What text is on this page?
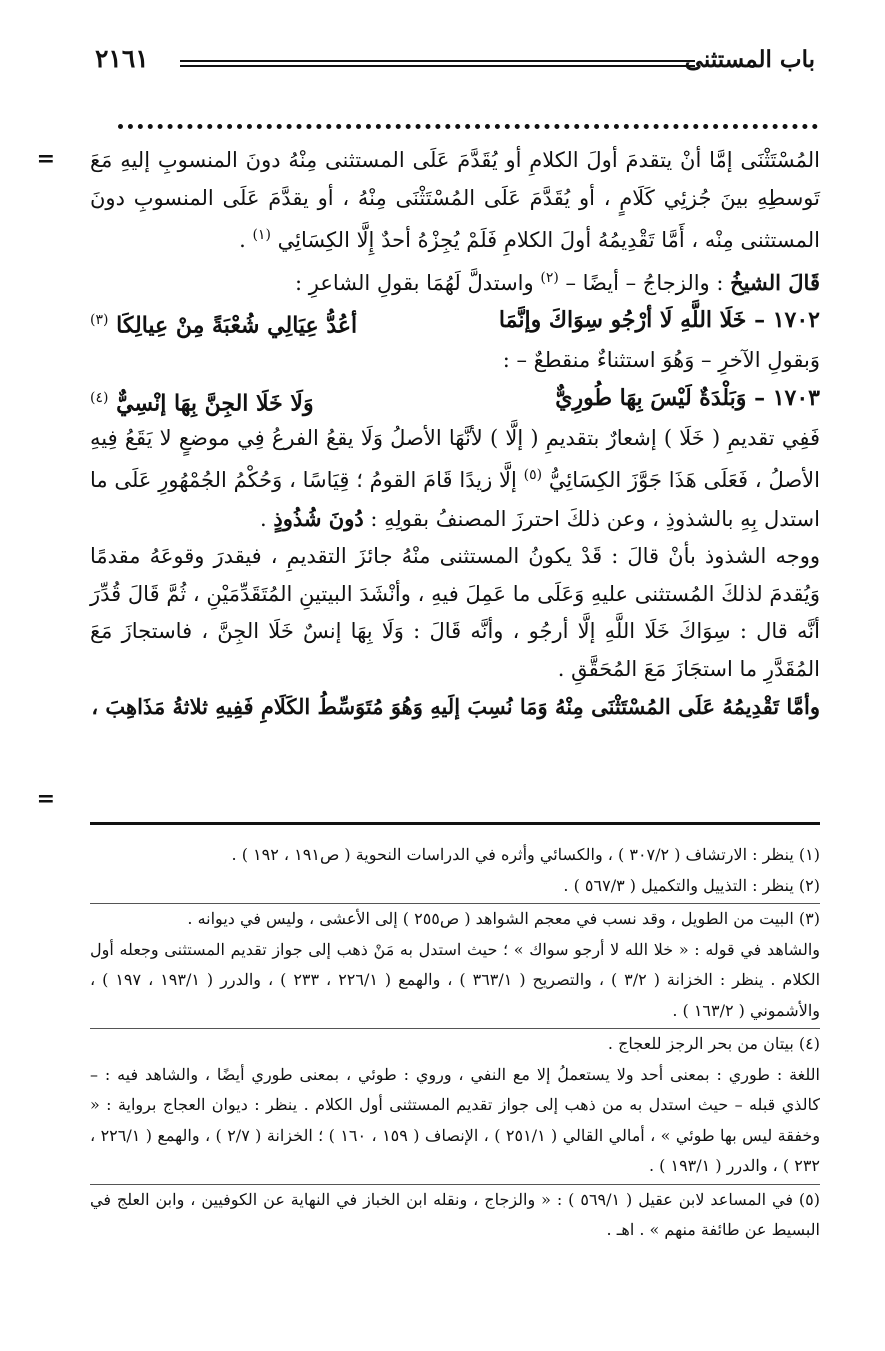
باب المستثنى
٢١٦١
=
=

المُسْتَثْنَى إمَّا أنْ يتقدمَ أولَ الكلامِ أو يُقَدَّمَ عَلَى المستثنى مِنْهُ دونَ المنسوبِ إليهِ مَعَ تَوسطِهِ بينَ جُزئِي كَلَامٍ ، أو يُقَدَّمَ عَلَى المُسْتَثْنَى مِنْهُ ، أو يقدَّمَ عَلَى المنسوبِ دونَ المستثنى مِنْه ، أَمَّا تَقْدِيمُهُ أولَ الكلامِ فَلَمْ يُجِزْهُ أحدٌ إِلَّا الكِسَائِي $^{(١)}$ .

قَالَ الشيخُ : والزجاجُ – أيضًا – $^{(٢)}$ واستدلَّ لَهُمَا بقولِ الشاعرِ :

١٧٠٢ – خَلَا اللَّهِ لَا أرْجُو سِوَاكَ وإنَّمَا
أعُدُّ عِيَالِي شُعْبَةً مِنْ عِيالِكَا $^{(٣)}$

وَبقولِ الآخرِ – وَهُوَ استثناءٌ منقطعٌ – :

١٧٠٣ – وَبَلْدَةٌ لَيْسَ بِهَا طُورِيٌّ
وَلَا خَلَا الجِنَّ بِهَا إنْسِيٌّ $^{(٤)}$

فَفِي تقديمِ ( خَلَا ) إشعارٌ بتقديمِ ( إلَّا ) لأنَّهَا الأصلُ وَلَا يقعُ الفرعُ فِي موضعٍ لا يَقَعُ فِيهِ الأصلُ ، فَعَلَى هَذَا جَوَّزَ الكِسَائِيُّ $^{(٥)}$ إلَّا زيدًا قَامَ القومُ ؛ قِيَاسًا ، وَحُكْمُ الجُمْهُورِ عَلَى ما استدل بِهِ بالشذوذِ ، وعن ذلكَ احترزَ المصنفُ بقولِهِ : دُونَ شُذُوذٍ .

ووجه الشذوذ بأنْ قالَ : قَدْ يكونُ المستثنى منْهُ جائزَ التقديمِ ، فيقدرَ وقوعَهُ مقدمًا وَيُقدمَ لذلكَ المُستثنى عليهِ وَعَلَى ما عَمِلَ فيهِ ، وأنْشَدَ البيتينِ المُتَقَدِّمَيْنِ ، ثُمَّ قَالَ قُدِّرَ أنَّه قال : سِوَاكَ خَلَا اللَّهِ إلَّا أرجُو ، وأنَّه قَالَ : وَلَا بِهَا إنسٌ خَلَا الجِنَّ ، فاستجازَ مَعَ المُقَدَّرِ ما استجَازَ مَعَ المُحَقَّقِ .

وأمَّا تَقْدِيمُهُ عَلَى المُسْتَثْنَى مِنْهُ وَمَا نُسِبَ إلَيهِ وَهُوَ مُتَوَسِّطُ الكَلَامِ فَفِيهِ ثلاثةُ مَذَاهِبَ ،

(١) ينظر : الارتشاف ( ٣٠٧/٢ ) ، والكسائي وأثره في الدراسات النحوية ( ص١٩١ ، ١٩٢ ) .

(٢) ينظر : التذييل والتكميل ( ٥٦٧/٣ ) .

(٣) البيت من الطويل ، وقد نسب في معجم الشواهد ( ص٢٥٥ ) إلى الأعشى ، وليس في ديوانه .

والشاهد في قوله : « خلا الله لا أرجو سواك » ؛ حيث استدل به مَنْ ذهب إلى جواز تقديم المستثنى وجعله أول الكلام . ينظر : الخزانة ( ٣/٢ ) ، والتصريح ( ٣٦٣/١ ) ، والهمع ( ٢٢٦/١ ، ٢٣٣ ) ، والدرر ( ١٩٣/١ ، ١٩٧ ) ، والأشموني ( ١٦٣/٢ ) .

(٤) بيتان من بحر الرجز للعجاج .

اللغة : طوري : بمعنى أحد ولا يستعملُ إلا مع النفي ، وروي : طوئي ، بمعنى طوري أيضًا ، والشاهد فيه : – كالذي قبله – حيث استدل به من ذهب إلى جواز تقديم المستثنى أول الكلام . ينظر : ديوان العجاج برواية : « وخفقة ليس بها طوئي » ، أمالي القالي ( ٢٥١/١ ) ، الإنصاف ( ١٥٩ ، ١٦٠ ) ؛ الخزانة ( ٢/٧ ) ، والهمع ( ٢٢٦/١ ، ٢٣٢ ) ، والدرر ( ١٩٣/١ ) .

(٥) في المساعد لابن عقيل ( ٥٦٩/١ ) : « والزجاج ، ونقله ابن الخباز في النهاية عن الكوفيين ، وابن العلج في البسيط عن طائفة منهم » . اهـ .
